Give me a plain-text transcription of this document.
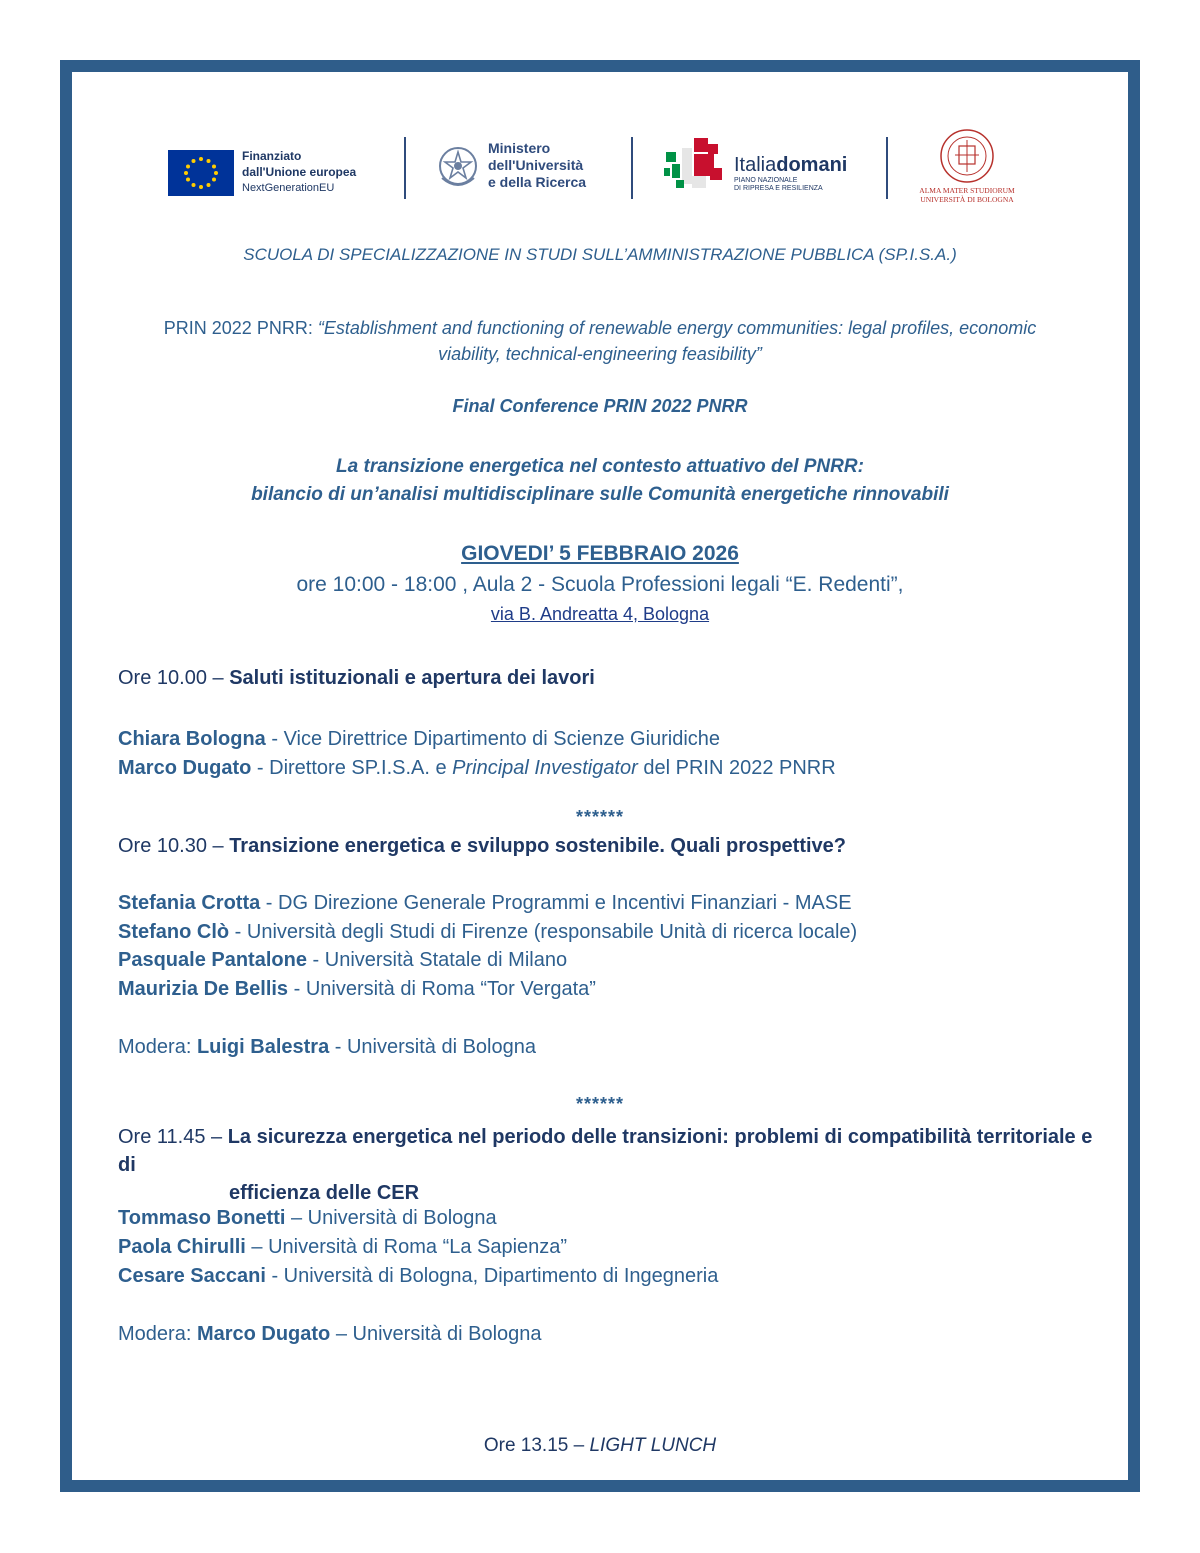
Finanziato
dall'Unione europea
NextGenerationEU
Ministero
dell'Università
e della Ricerca
Italiadomani
PIANO NAZIONALE
DI RIPRESA E RESILIENZA	ALMA MATER STUDIORUM
UNIVERSITÀ DI BOLOGNA
SCUOLA DI SPECIALIZZAZIONE IN STUDI SULL’AMMINISTRAZIONE PUBBLICA (SP.I.S.A.)
PRIN 2022 PNRR: “Establishment and functioning of renewable energy communities: legal profiles, economic
viability, technical-engineering feasibility”
Final Conference PRIN 2022 PNRR
La transizione energetica nel contesto attuativo del PNRR:
bilancio di un’analisi multidisciplinare sulle Comunità energetiche rinnovabili
GIOVEDI’ 5 FEBBRAIO 2026
ore 10:00 - 18:00 , Aula 2 - Scuola Professioni legali “E. Redenti”,
via B. Andreatta 4, Bologna
Ore 10.00 – Saluti istituzionali e apertura dei lavori
Chiara Bologna - Vice Direttrice Dipartimento di Scienze Giuridiche
Marco Dugato - Direttore SP.I.S.A. e Principal Investigator del PRIN 2022 PNRR
******
Ore 10.30 – Transizione energetica e sviluppo sostenibile. Quali prospettive?
Stefania Crotta - DG Direzione Generale Programmi e Incentivi Finanziari - MASE
Stefano Clò - Università degli Studi di Firenze (responsabile Unità di ricerca locale)
Pasquale Pantalone - Università Statale di Milano
Maurizia De Bellis - Università di Roma “Tor Vergata”
Modera: Luigi Balestra - Università di Bologna
******
Ore 11.45 – La sicurezza energetica nel periodo delle transizioni: problemi di compatibilità territoriale e di
efficienza delle CER
Tommaso Bonetti – Università di Bologna
Paola Chirulli – Università di Roma “La Sapienza”
Cesare Saccani - Università di Bologna, Dipartimento di Ingegneria
Modera: Marco Dugato – Università di Bologna
Ore 13.15 – LIGHT LUNCH
